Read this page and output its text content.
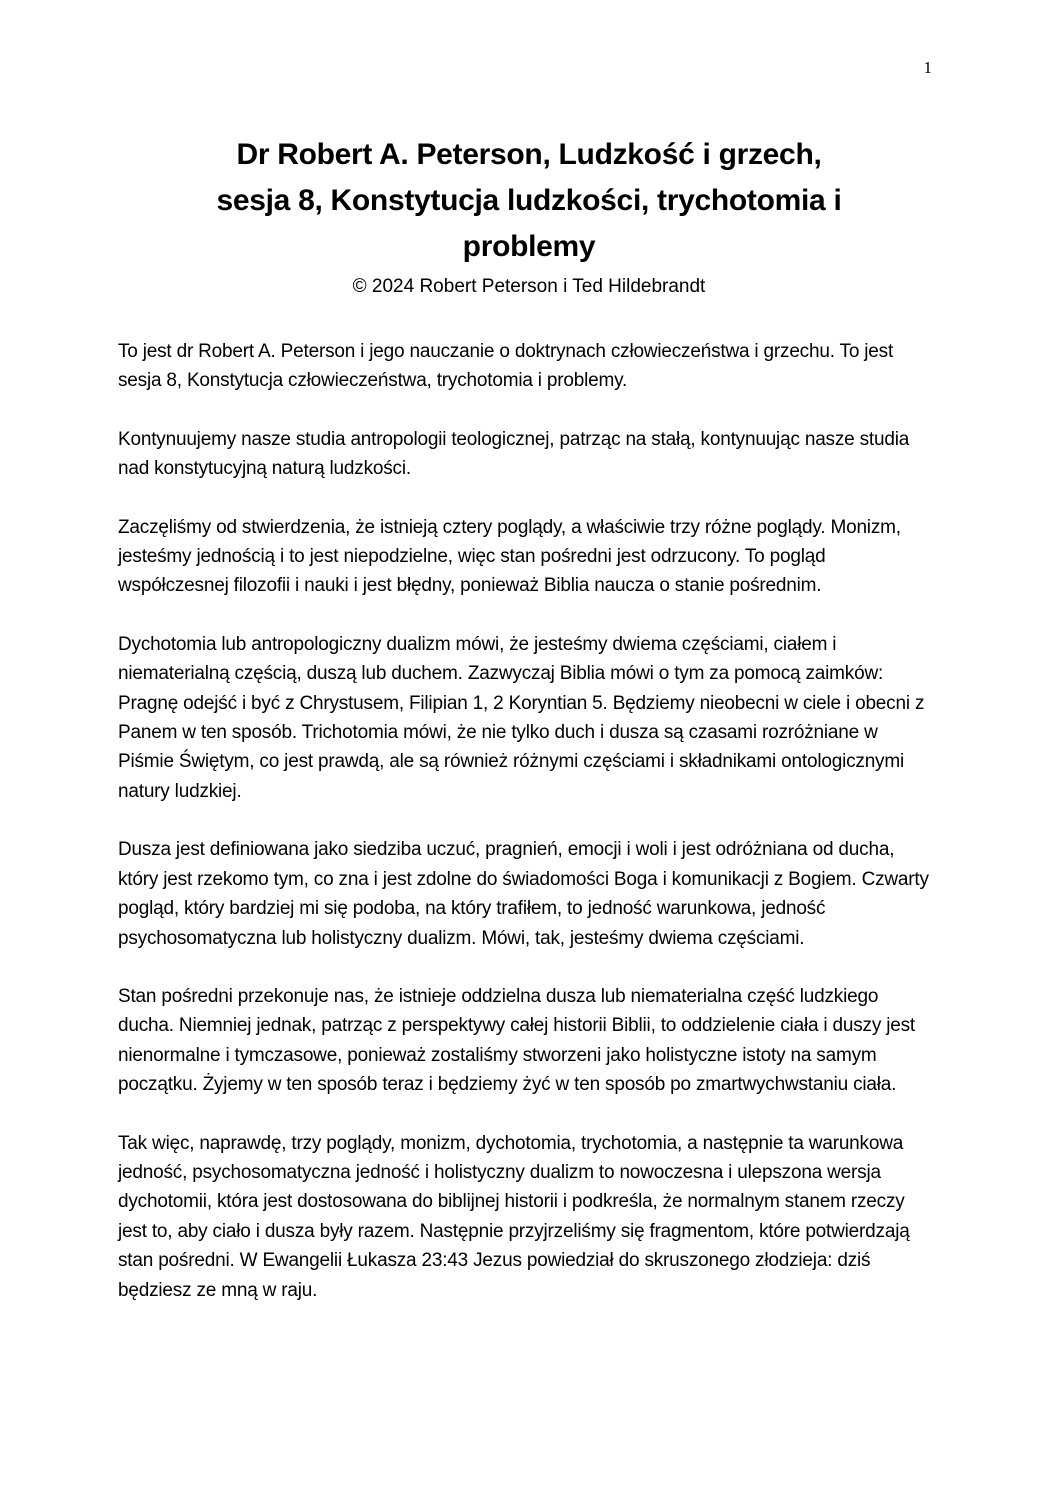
1
Dr Robert A. Peterson, Ludzkość i grzech,
sesja 8, Konstytucja ludzkości, trychotomia i
problemy
© 2024 Robert Peterson i Ted Hildebrandt

To jest dr Robert A. Peterson i jego nauczanie o doktrynach człowieczeństwa i grzechu. To jest sesja 8, Konstytucja człowieczeństwa, trychotomia i problemy.

Kontynuujemy nasze studia antropologii teologicznej, patrząc na stałą, kontynuując nasze studia nad konstytucyjną naturą ludzkości.

Zaczęliśmy od stwierdzenia, że istnieją cztery poglądy, a właściwie trzy różne poglądy. Monizm, jesteśmy jednością i to jest niepodzielne, więc stan pośredni jest odrzucony. To pogląd współczesnej filozofii i nauki i jest błędny, ponieważ Biblia naucza o stanie pośrednim.

Dychotomia lub antropologiczny dualizm mówi, że jesteśmy dwiema częściami, ciałem i niematerialną częścią, duszą lub duchem. Zazwyczaj Biblia mówi o tym za pomocą zaimków: Pragnę odejść i być z Chrystusem, Filipian 1, 2 Koryntian 5. Będziemy nieobecni w ciele i obecni z Panem w ten sposób. Trichotomia mówi, że nie tylko duch i dusza są czasami rozróżniane w Piśmie Świętym, co jest prawdą, ale są również różnymi częściami i składnikami ontologicznymi natury ludzkiej.

Dusza jest definiowana jako siedziba uczuć, pragnień, emocji i woli i jest odróżniana od ducha, który jest rzekomo tym, co zna i jest zdolne do świadomości Boga i komunikacji z Bogiem. Czwarty pogląd, który bardziej mi się podoba, na który trafiłem, to jedność warunkowa, jedność psychosomatyczna lub holistyczny dualizm. Mówi, tak, jesteśmy dwiema częściami.

Stan pośredni przekonuje nas, że istnieje oddzielna dusza lub niematerialna część ludzkiego ducha. Niemniej jednak, patrząc z perspektywy całej historii Biblii, to oddzielenie ciała i duszy jest nienormalne i tymczasowe, ponieważ zostaliśmy stworzeni jako holistyczne istoty na samym początku. Żyjemy w ten sposób teraz i będziemy żyć w ten sposób po zmartwychwstaniu ciała.

Tak więc, naprawdę, trzy poglądy, monizm, dychotomia, trychotomia, a następnie ta warunkowa jedność, psychosomatyczna jedność i holistyczny dualizm to nowoczesna i ulepszona wersja dychotomii, która jest dostosowana do biblijnej historii i podkreśla, że normalnym stanem rzeczy jest to, aby ciało i dusza były razem. Następnie przyjrzeliśmy się fragmentom, które potwierdzają stan pośredni. W Ewangelii Łukasza 23:43 Jezus powiedział do skruszonego złodzieja: dziś będziesz ze mną w raju.
